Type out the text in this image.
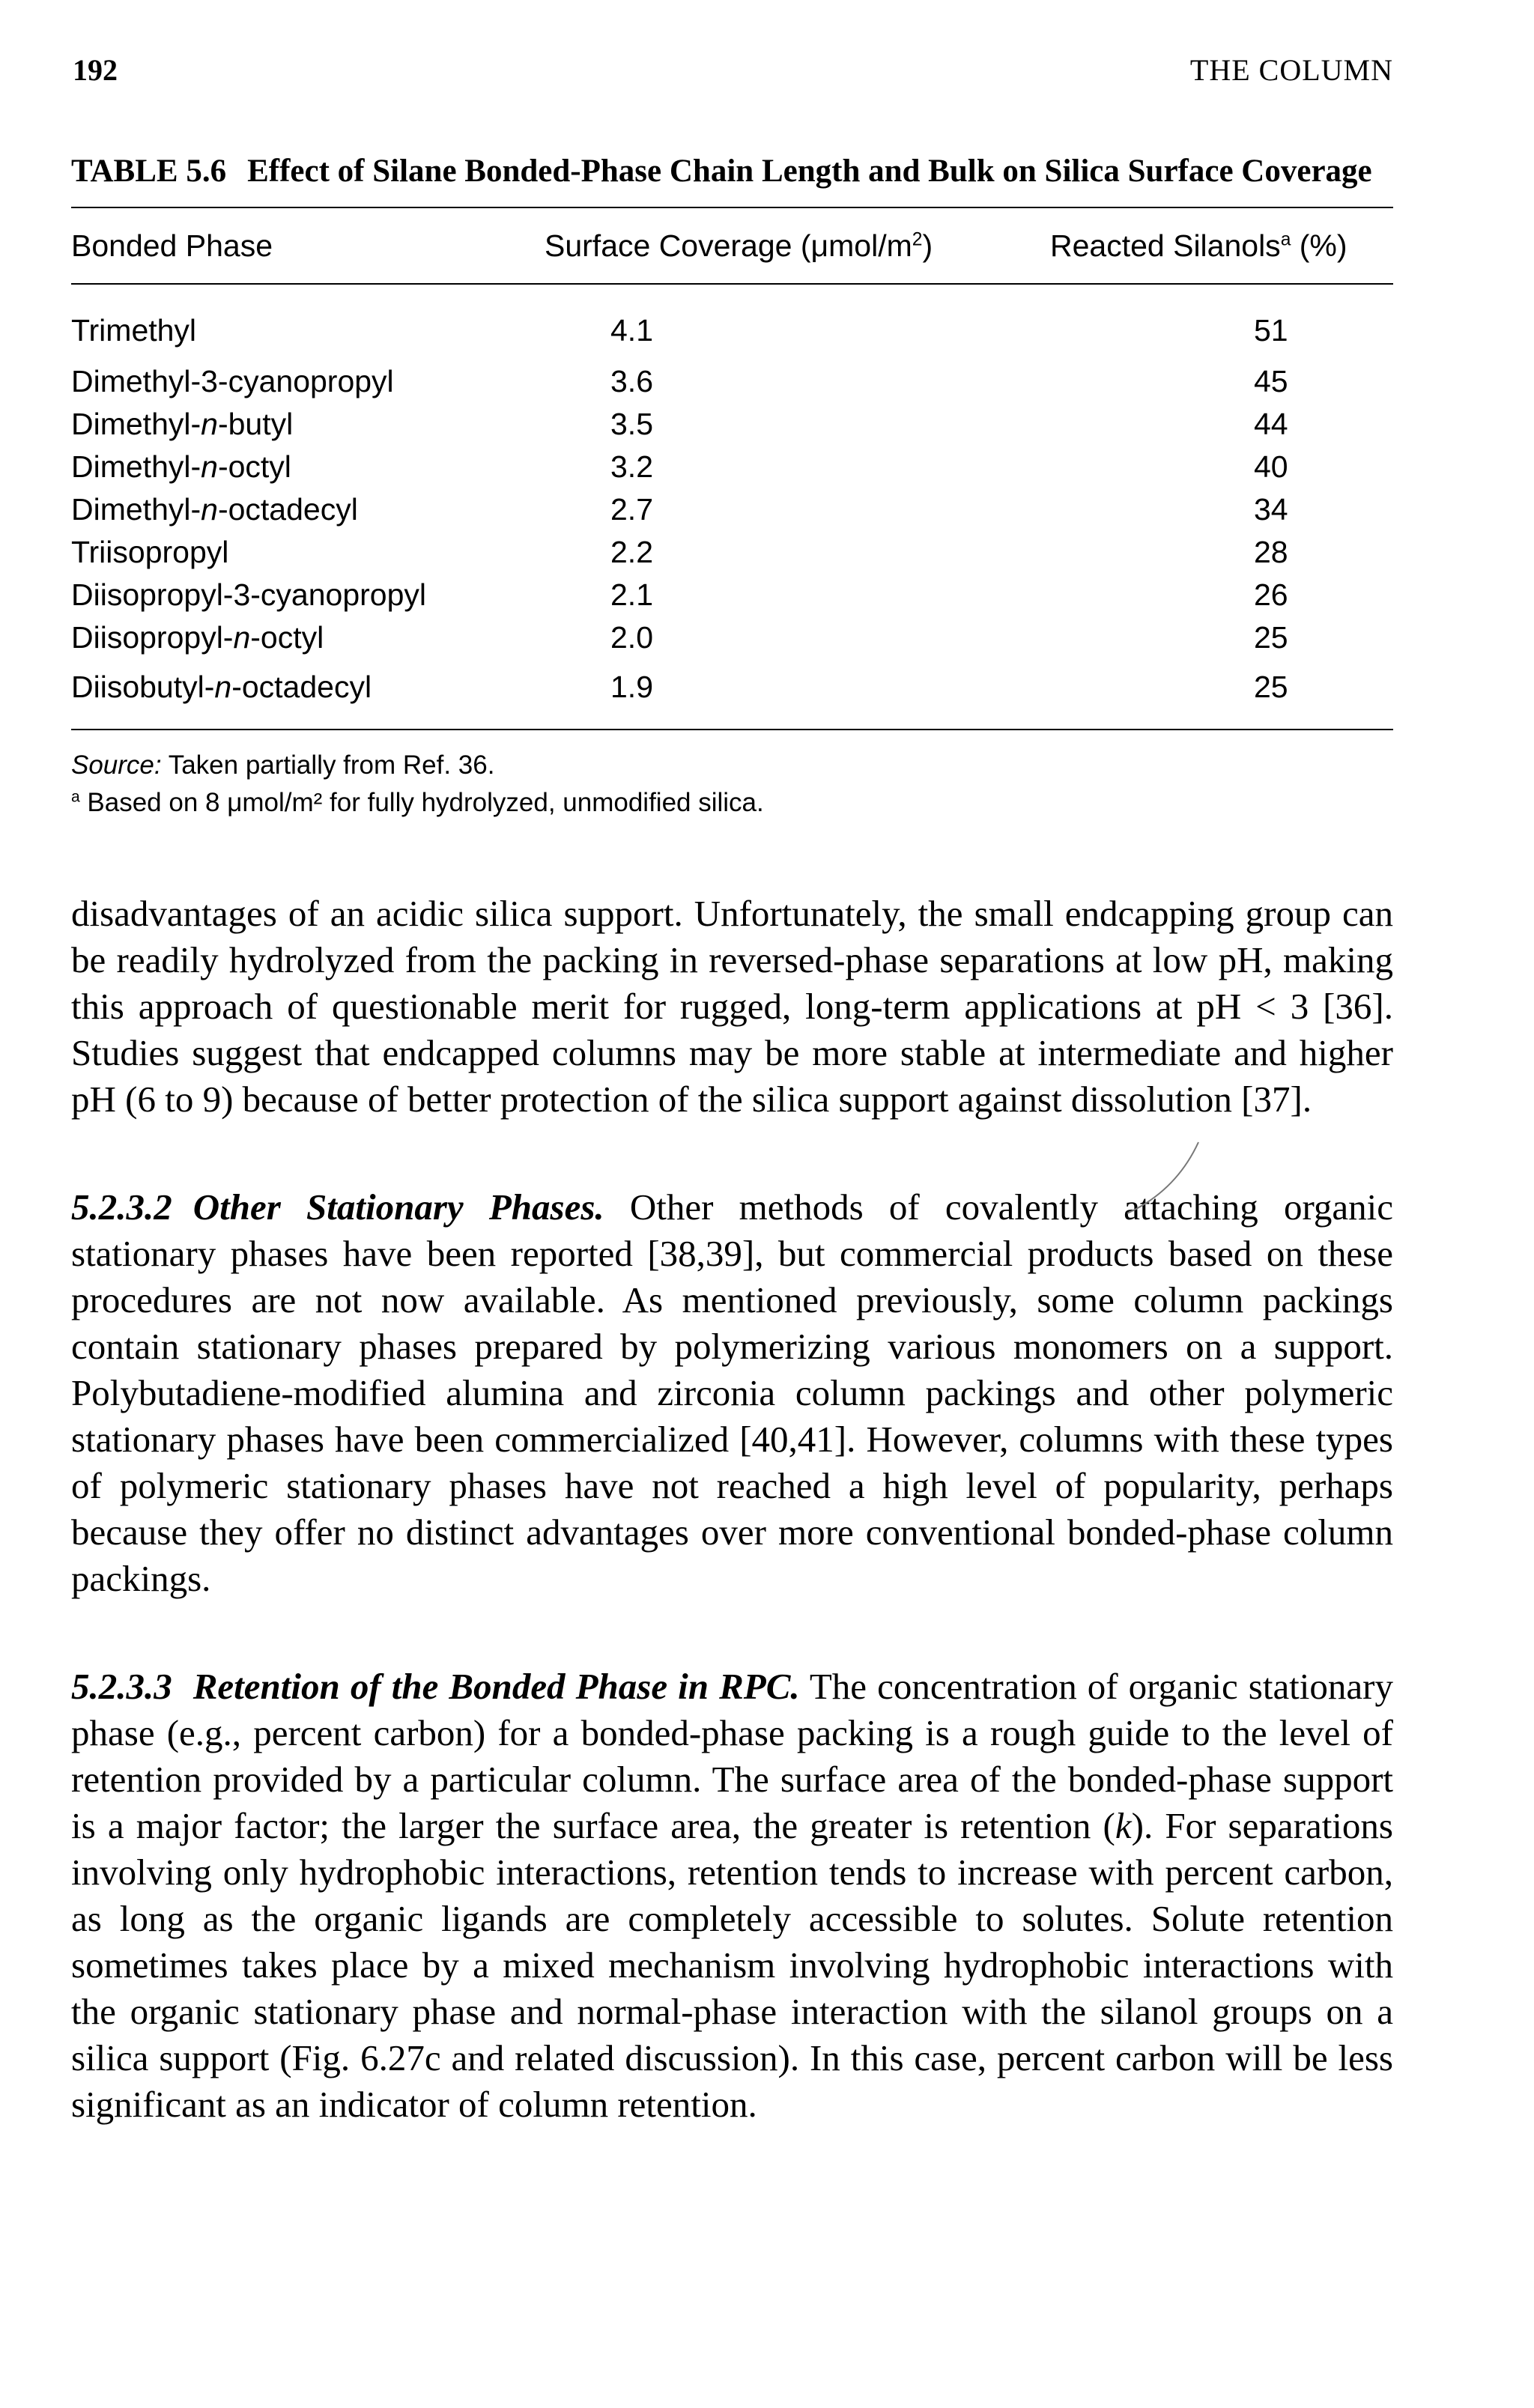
192	THE COLUMN
TABLE 5.6 Effect of Silane Bonded-Phase Chain Length and Bulk on Silica Surface Coverage
Bonded Phase	Surface Coverage $(\mu mol/m^2)$	Reacted Silanols$^a$ (%)

Trimethyl	4.1	51
Dimethyl-3-cyanopropyl	3.6	45
Dimethyl-n-butyl	3.5	44
Dimethyl-n-octyl	3.2	40
Dimethyl-n-octadecyl	2.7	34
Triisopropyl	2.2	28
Diisopropyl-3-cyanopropyl	2.1	26
Diisopropyl-n-octyl	2.0	25
Diisobutyl-n-octadecyl	1.9	25
Source: Taken partially from Ref. 36.
$^a$ Based on 8 μmol/m² for fully hydrolyzed, unmodified silica.

disadvantages of an acidic silica support. Unfortunately, the small endcapping group can be readily hydrolyzed from the packing in reversed-phase separations at low pH, making this approach of questionable merit for rugged, long-term applications at pH < 3 [36]. Studies suggest that endcapped columns may be more stable at intermediate and higher pH (6 to 9) because of better protection of the silica support against dissolution [37].

5.2.3.2 Other Stationary Phases. Other methods of covalently attaching organic stationary phases have been reported [38,39], but commercial products based on these procedures are not now available. As mentioned previously, some column packings contain stationary phases prepared by polymerizing various monomers on a support. Polybutadiene-modified alumina and zirconia column packings and other polymeric stationary phases have been commercialized [40,41]. However, columns with these types of polymeric stationary phases have not reached a high level of popularity, perhaps because they offer no distinct advantages over more conventional bonded-phase column packings.

5.2.3.3 Retention of the Bonded Phase in RPC. The concentration of organic stationary phase (e.g., percent carbon) for a bonded-phase packing is a rough guide to the level of retention provided by a particular column. The surface area of the bonded-phase support is a major factor; the larger the surface area, the greater is retention (k). For separations involving only hydrophobic interactions, retention tends to increase with percent carbon, as long as the organic ligands are completely accessible to solutes. Solute retention sometimes takes place by a mixed mechanism involving hydrophobic interactions with the organic stationary phase and normal-phase interaction with the silanol groups on a silica support (Fig. 6.27c and related discussion). In this case, percent carbon will be less significant as an indicator of column retention.
